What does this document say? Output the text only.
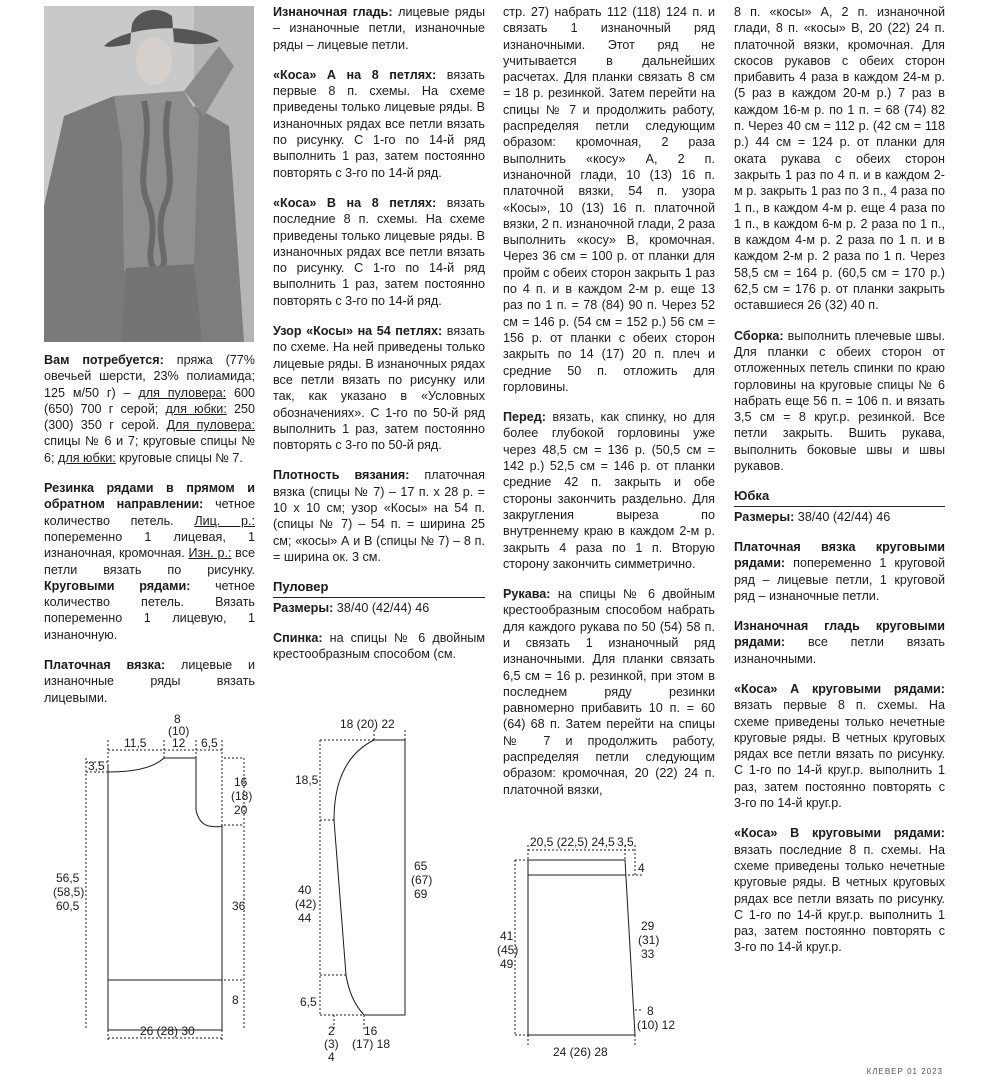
Вам потребуется: пряжа (77% овечьей шерсти, 23% полиамида; 125 м/50 г) – для пуловера: 600 (650) 700 г серой; для юбки: 250 (300) 350 г серой. Для пуловера: спицы № 6 и 7; круговые спицы № 6; для юбки: круговые спицы № 7.

Резинка рядами в прямом и обратном направлении: четное количество петель. Лиц. р.: попеременно 1 лицевая, 1 изнаночная, кромочная. Изн. р.: все петли вязать по рисунку. Круговыми рядами: четное количество петель. Вязать попеременно 1 лицевую, 1 изнаночную.

Платочная вязка: лицевые и изнаночные ряды вязать лицевыми.

Изнаночная гладь: лицевые ряды – изнаночные петли, изнаночные ряды – лицевые петли.

«Коса» А на 8 петлях: вязать первые 8 п. схемы. На схеме приведены только лицевые ряды. В изнаночных рядах все петли вязать по рисунку. С 1-го по 14-й ряд выполнить 1 раз, затем постоянно повторять с 3-го по 14-й ряд.

«Коса» В на 8 петлях: вязать последние 8 п. схемы. На схеме приведены только лицевые ряды. В изнаночных рядах все петли вязать по рисунку. С 1-го по 14-й ряд выполнить 1 раз, затем постоянно повторять с 3-го по 14-й ряд.

Узор «Косы» на 54 петлях: вязать по схеме. На ней приведены только лицевые ряды. В изнаночных рядах все петли вязать по рисунку или так, как указано в «Условных обозначениях». С 1-го по 50-й ряд выполнить 1 раз, затем постоянно повторять с 3-го по 50-й ряд.

Плотность вязания: платочная вязка (спицы № 7) – 17 п. x 28 р. = 10 x 10 см; узор «Косы» на 54 п. (спицы № 7) – 54 п. = ширина 25 см; «косы» А и В (спицы № 7) – 8 п. = ширина ок. 3 см.

Пуловер

Размеры: 38/40 (42/44) 46

Спинка: на спицы № 6 двойным крестообразным способом (см.

стр. 27) набрать 112 (118) 124 п. и связать 1 изнаночный ряд изнаночными. Этот ряд не учитывается в дальнейших расчетах. Для планки связать 8 см = 18 р. резинкой. Затем перейти на спицы № 7 и продолжить работу, распределяя петли следующим образом: кромочная, 2 раза выполнить «косу» А, 2 п. изнаночной глади, 10 (13) 16 п. платочной вязки, 54 п. узора «Косы», 10 (13) 16 п. платочной вязки, 2 п. изнаночной глади, 2 раза выполнить «косу» В, кромочная. Через 36 см = 100 р. от планки для пройм с обеих сторон закрыть 1 раз по 4 п. и в каждом 2-м р. еще 13 раз по 1 п. = 78 (84) 90 п. Через 52 см = 146 р. (54 см = 152 р.) 56 см = 156 р. от планки с обеих сторон закрыть по 14 (17) 20 п. плеч и средние 50 п. отложить для горловины.

Перед: вязать, как спинку, но для более глубокой горловины уже через 48,5 см = 136 р. (50,5 см = 142 р.) 52,5 см = 146 р. от планки средние 42 п. закрыть и обе стороны закончить раздельно. Для закругления выреза по внутреннему краю в каждом 2-м р. закрыть 4 раза по 1 п. Вторую сторону закончить симметрично.

Рукава: на спицы № 6 двойным крестообразным способом набрать для каждого рукава по 50 (54) 58 п. и связать 1 изнаночный ряд изнаночными. Для планки связать 6,5 см = 16 р. резинкой, при этом в последнем ряду резинки равномерно прибавить 10 п. = 60 (64) 68 п. Затем перейти на спицы № 7 и продолжить работу, распределяя петли следующим образом: кромочная, 20 (22) 24 п. платочной вязки,

8 п. «косы» А, 2 п. изнаночной глади, 8 п. «косы» В, 20 (22) 24 п. платочной вязки, кромочная. Для скосов рукавов с обеих сторон прибавить 4 раза в каждом 24-м р. (5 раз в каждом 20-м р.) 7 раз в каждом 16-м р. по 1 п. = 68 (74) 82 п. Через 40 см = 112 р. (42 см = 118 р.) 44 см = 124 р. от планки для оката рукава с обеих сторон закрыть 1 раз по 4 п. и в каждом 2-м р. закрыть 1 раз по 3 п., 4 раза по 1 п., в каждом 4-м р. еще 4 раза по 1 п., в каждом 6-м р. 2 раза по 1 п., в каждом 4-м р. 2 раза по 1 п. и в каждом 2-м р. 2 раза по 1 п. Через 58,5 см = 164 р. (60,5 см = 170 р.) 62,5 см = 176 р. от планки закрыть оставшиеся 26 (32) 40 п.

Сборка: выполнить плечевые швы. Для планки с обеих сторон от отложенных петель спинки по краю горловины на круговые спицы № 6 набрать еще 56 п. = 106 п. и вязать 3,5 см = 8 круг.р. резинкой. Все петли закрыть. Вшить рукава, выполнить боковые швы и швы рукавов.

Юбка

Размеры: 38/40 (42/44) 46

Платочная вязка круговыми рядами: попеременно 1 круговой ряд – лицевые петли, 1 круговой ряд – изнаночные петли.

Изнаночная гладь круговыми рядами: все петли вязать изнаночными.

«Коса» А круговыми рядами: вязать первые 8 п. схемы. На схеме приведены только нечетные круговые ряды. В четных круговых рядах все петли вязать по рисунку. С 1-го по 14-й круг.р. выполнить 1 раз, затем постоянно повторять с 3-го по 14-й круг.р.

«Коса» В круговыми рядами: вязать последние 8 п. схемы. На схеме приведены только нечетные круговые ряды. В четных круговых рядах все петли вязать по рисунку. С 1-го по 14-й круг.р. выполнить 1 раз, затем постоянно повторять с 3-го по 14-й круг.р.

8
(10)
12
11,5	6,5
3,5
16
(18)
20
56,5
(58,5)
60,5	36
8
26 (28) 30
18 (20) 22
18,5
65
(67)
69
40
(42)
44
6,5
2
(3)
4
16
(17) 18
20,5 (22,5) 24,5 3,5
4
41
(45)
49
29
(31)
33
8
(10) 12
24 (26) 28
КЛЕВЕР 01 2023
